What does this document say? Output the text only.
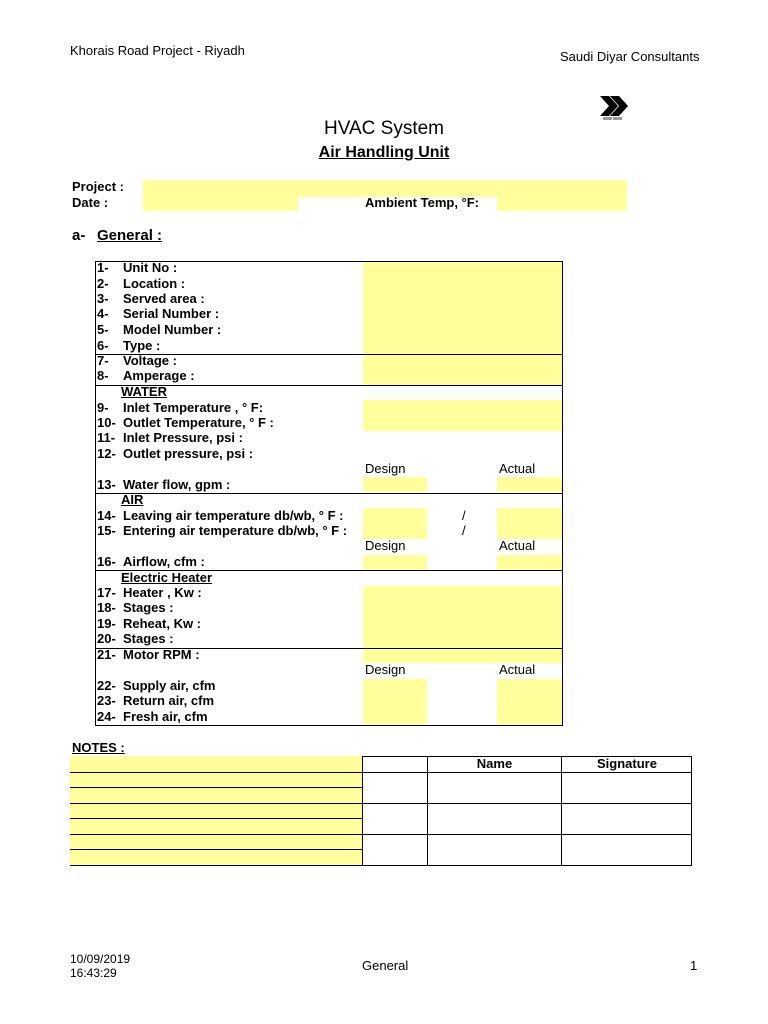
Khorais Road Project - Riyadh	Saudi Diyar Consultants
HVAC System
Air Handling Unit
Project :
Date :	Ambient Temp, °F:
a- General :
1- Unit No :
2- Location :
3- Served area :
4- Serial Number :
5- Model Number :
6- Type :
7- Voltage :
8- Amperage :
WATER
9- Inlet Temperature , ° F:
10- Outlet Temperature, ° F :
11- Inlet Pressure, psi :
12- Outlet pressure, psi :
Design	Actual
13- Water flow, gpm :
AIR
14- Leaving air temperature db/wb, ° F :	/
15- Entering air temperature db/wb, ° F :	/
Design	Actual
16- Airflow, cfm :
Electric Heater
17- Heater , Kw :
18- Stages :
19- Reheat, Kw :
20- Stages :
21- Motor RPM :
Design	Actual
22- Supply air, cfm
23- Return air, cfm
24- Fresh air, cfm
NOTES :
Name	Signature
10/09/2019
16:43:29	General	1
